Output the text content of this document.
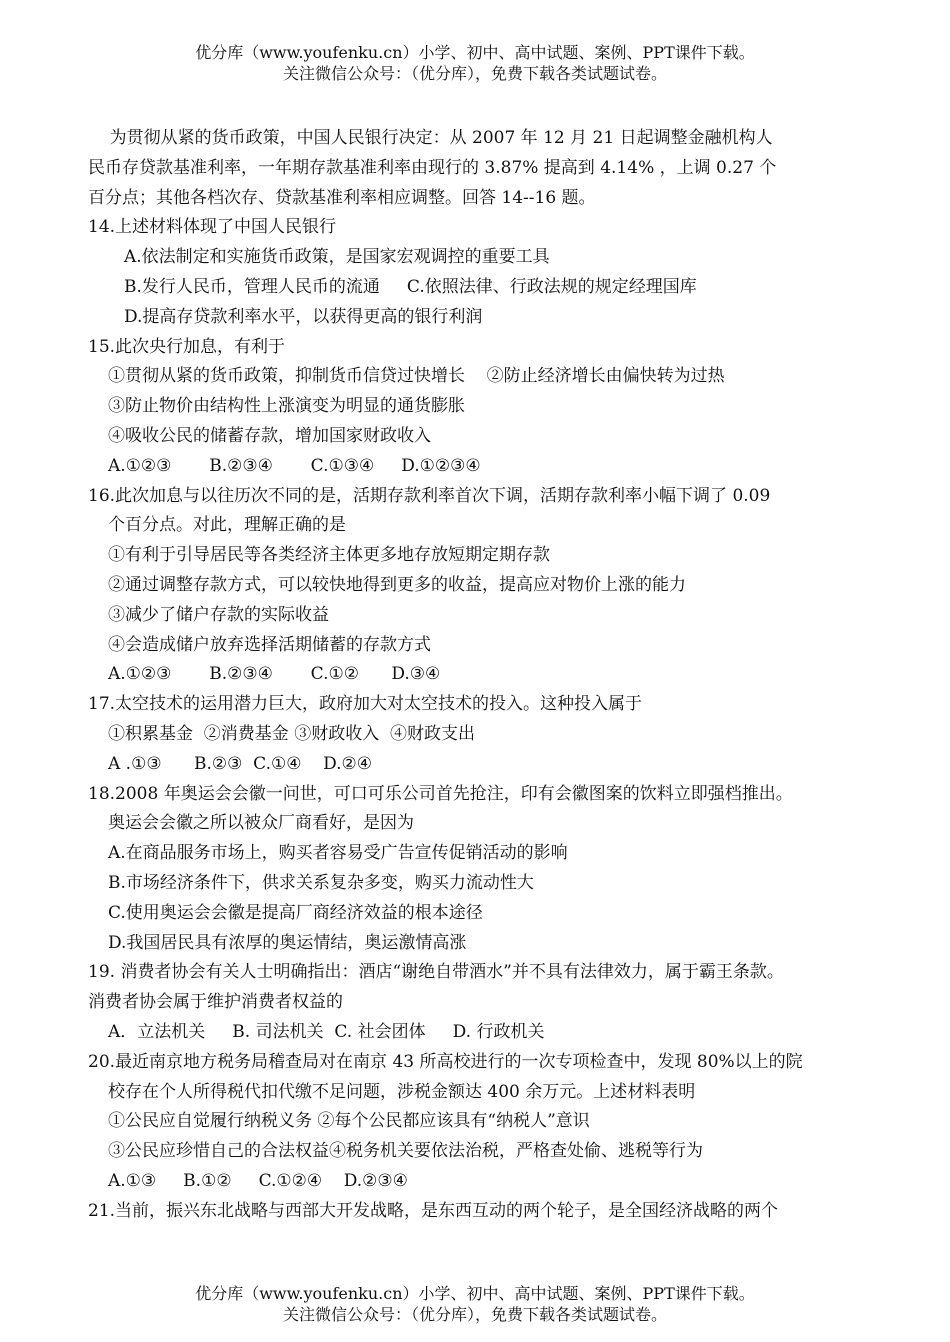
优分库（www.youfenku.cn）小学、初中、高中试题、案例、PPT课件下载。
关注微信公众号：（优分库），免费下载各类试题试卷。
为贯彻从紧的货币政策，中国人民银行决定：从 2007 年 12 月 21 日起调整金融机构人
民币存贷款基准利率，一年期存款基准利率由现行的 3.87% 提高到 4.14% ，上调 0.27 个
百分点；其他各档次存、贷款基准利率相应调整。回答 14--16 题。
14.上述材料体现了中国人民银行
A.依法制定和实施货币政策，是国家宏观调控的重要工具
B.发行人民币，管理人民币的流通     C.依照法律、行政法规的规定经理国库
D.提高存贷款利率水平，以获得更高的银行利润
15.此次央行加息，有利于
①贯彻从紧的货币政策，抑制货币信贷过快增长    ②防止经济增长由偏快转为过热
③防止物价由结构性上涨演变为明显的通货膨胀
④吸收公民的储蓄存款，增加国家财政收入
A.①②③       B.②③④       C.①③④     D.①②③④
16.此次加息与以往历次不同的是，活期存款利率首次下调，活期存款利率小幅下调了 0.09
个百分点。对此，理解正确的是
①有利于引导居民等各类经济主体更多地存放短期定期存款
②通过调整存款方式，可以较快地得到更多的收益，提高应对物价上涨的能力
③减少了储户存款的实际收益
④会造成储户放弃选择活期储蓄的存款方式
A.①②③       B.②③④       C.①②      D.③④
17.太空技术的运用潜力巨大，政府加大对太空技术的投入。这种投入属于
①积累基金  ②消费基金 ③财政收入  ④财政支出
A .①③      B.②③  C.①④    D.②④
18.2008 年奥运会会徽一问世，可口可乐公司首先抢注，印有会徽图案的饮料立即强档推出。
奥运会会徽之所以被众厂商看好，是因为
A.在商品服务市场上，购买者容易受广告宣传促销活动的影响
B.市场经济条件下，供求关系复杂多变，购买力流动性大
C.使用奥运会会徽是提高厂商经济效益的根本途径
D.我国居民具有浓厚的奥运情结，奥运激情高涨
19. 消费者协会有关人士明确指出：酒店“谢绝自带酒水”并不具有法律效力，属于霸王条款。
消费者协会属于维护消费者权益的
A．立法机关     B. 司法机关  C. 社会团体     D. 行政机关
20.最近南京地方税务局稽查局对在南京 43 所高校进行的一次专项检查中，发现 80%以上的院
校存在个人所得税代扣代缴不足问题，涉税金额达 400 余万元。上述材料表明
①公民应自觉履行纳税义务 ②每个公民都应该具有“纳税人”意识
③公民应珍惜自己的合法权益④税务机关要依法治税，严格查处偷、逃税等行为
A.①③     B.①②     C.①②④    D.②③④
21.当前，振兴东北战略与西部大开发战略，是东西互动的两个轮子，是全国经济战略的两个
优分库（www.youfenku.cn）小学、初中、高中试题、案例、PPT课件下载。
关注微信公众号：（优分库），免费下载各类试题试卷。
